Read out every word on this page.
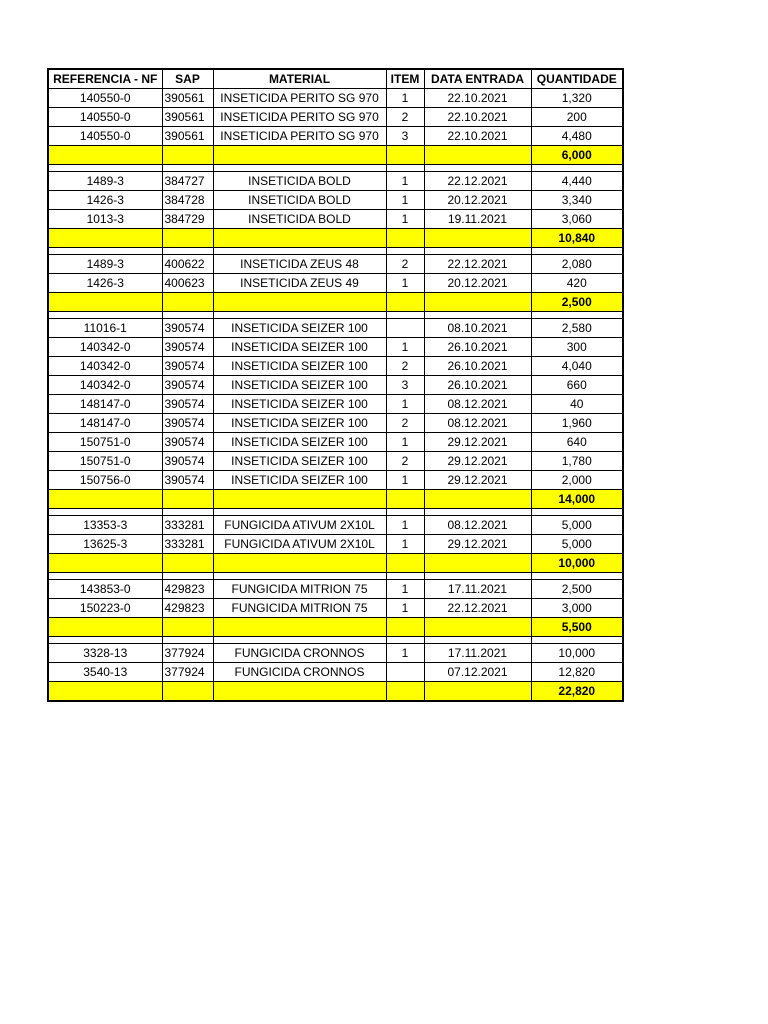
REFERENCIA - NF	SAP	MATERIAL	ITEM	DATA ENTRADA	QUANTIDADE
140550-0	390561	INSETICIDA PERITO SG 970	1	22.10.2021	1,320
140550-0	390561	INSETICIDA PERITO SG 970	2	22.10.2021	200
140550-0	390561	INSETICIDA PERITO SG 970	3	22.10.2021	4,480
					6,000

1489-3	384727	INSETICIDA BOLD	1	22.12.2021	4,440
1426-3	384728	INSETICIDA BOLD	1	20.12.2021	3,340
1013-3	384729	INSETICIDA BOLD	1	19.11.2021	3,060
					10,840

1489-3	400622	INSETICIDA ZEUS 48	2	22.12.2021	2,080
1426-3	400623	INSETICIDA ZEUS 49	1	20.12.2021	420
					2,500

11016-1	390574	INSETICIDA SEIZER 100		08.10.2021	2,580
140342-0	390574	INSETICIDA SEIZER 100	1	26.10.2021	300
140342-0	390574	INSETICIDA SEIZER 100	2	26.10.2021	4,040
140342-0	390574	INSETICIDA SEIZER 100	3	26.10.2021	660
148147-0	390574	INSETICIDA SEIZER 100	1	08.12.2021	40
148147-0	390574	INSETICIDA SEIZER 100	2	08.12.2021	1,960
150751-0	390574	INSETICIDA SEIZER 100	1	29.12.2021	640
150751-0	390574	INSETICIDA SEIZER 100	2	29.12.2021	1,780
150756-0	390574	INSETICIDA SEIZER 100	1	29.12.2021	2,000
					14,000

13353-3	333281	FUNGICIDA ATIVUM 2X10L	1	08.12.2021	5,000
13625-3	333281	FUNGICIDA ATIVUM 2X10L	1	29.12.2021	5,000
					10,000

143853-0	429823	FUNGICIDA MITRION 75	1	17.11.2021	2,500
150223-0	429823	FUNGICIDA MITRION 75	1	22.12.2021	3,000
					5,500

3328-13	377924	FUNGICIDA CRONNOS	1	17.11.2021	10,000
3540-13	377924	FUNGICIDA CRONNOS		07.12.2021	12,820
					22,820
